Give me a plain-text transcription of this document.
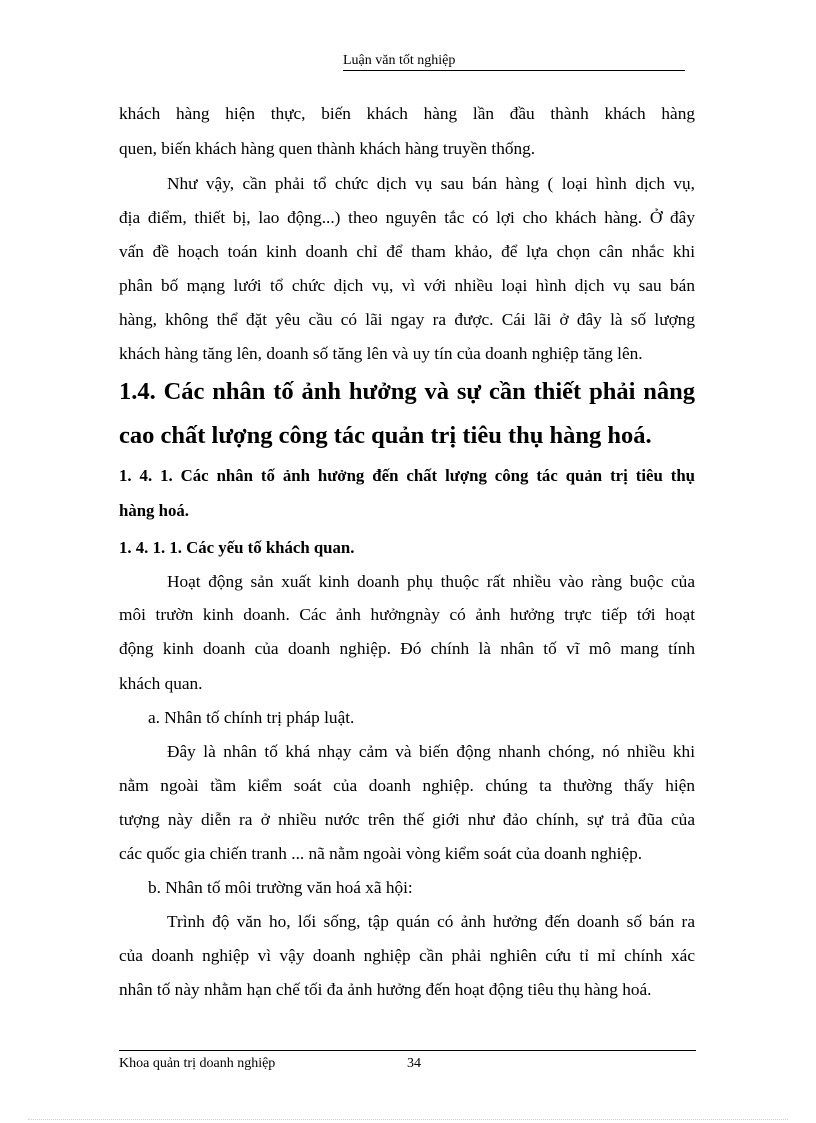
Luận văn tốt nghiệp
khách hàng hiện thực, biến khách hàng lần đầu thành khách hàng
quen, biến khách hàng quen thành khách hàng truyền thống.
Như vậy, cần phải tổ chức dịch vụ sau bán hàng ( loại hình dịch vụ,
địa điểm, thiết bị, lao động...) theo nguyên tắc có lợi cho khách hàng. Ở đây
vấn đề hoạch toán kinh doanh chỉ để tham khảo, để lựa chọn cân nhắc khi
phân bố mạng lưới tổ chức dịch vụ, vì với nhiều loại hình dịch vụ sau bán
hàng, không thể đặt yêu cầu có lãi ngay ra được. Cái lãi ở đây là số lượng
khách hàng tăng lên, doanh số tăng lên và uy tín của doanh nghiệp tăng lên.
1.4. Các nhân tố ảnh hưởng và sự cần thiết phải nâng
cao chất lượng công tác quản trị tiêu thụ hàng hoá.
1. 4. 1. Các nhân tố ảnh hưởng đến chất lượng công tác quản trị tiêu thụ
hàng hoá.
1. 4. 1. 1. Các yếu tố khách quan.
Hoạt động sản xuất kinh doanh phụ thuộc rất nhiều vào ràng buộc của
môi trườn kinh doanh. Các ảnh hưởngnày có ảnh hưởng trực tiếp tới hoạt
động kinh doanh của doanh nghiệp. Đó chính là nhân tố vĩ mô mang tính
khách quan.
a. Nhân tố chính trị pháp luật.
Đây là nhân tố khá nhạy cảm và biến động nhanh chóng, nó nhiều khi
nằm ngoài tầm kiểm soát của doanh nghiệp. chúng ta thường thấy hiện
tượng này diễn ra ở nhiều nước trên thế giới như đảo chính, sự trả đũa của
các quốc gia chiến tranh ... nã nằm ngoài vòng kiểm soát của doanh nghiệp.
b. Nhân tố môi trường văn hoá xã hội:
Trình độ văn ho, lối sống, tập quán có ảnh hưởng đến doanh số bán ra
của doanh nghiệp vì vậy doanh nghiệp cần phải nghiên cứu tỉ mỉ chính xác
nhân tố này nhằm hạn chế tối đa ảnh hưởng đến hoạt động tiêu thụ hàng hoá.
Khoa quản trị doanh nghiệp	34
